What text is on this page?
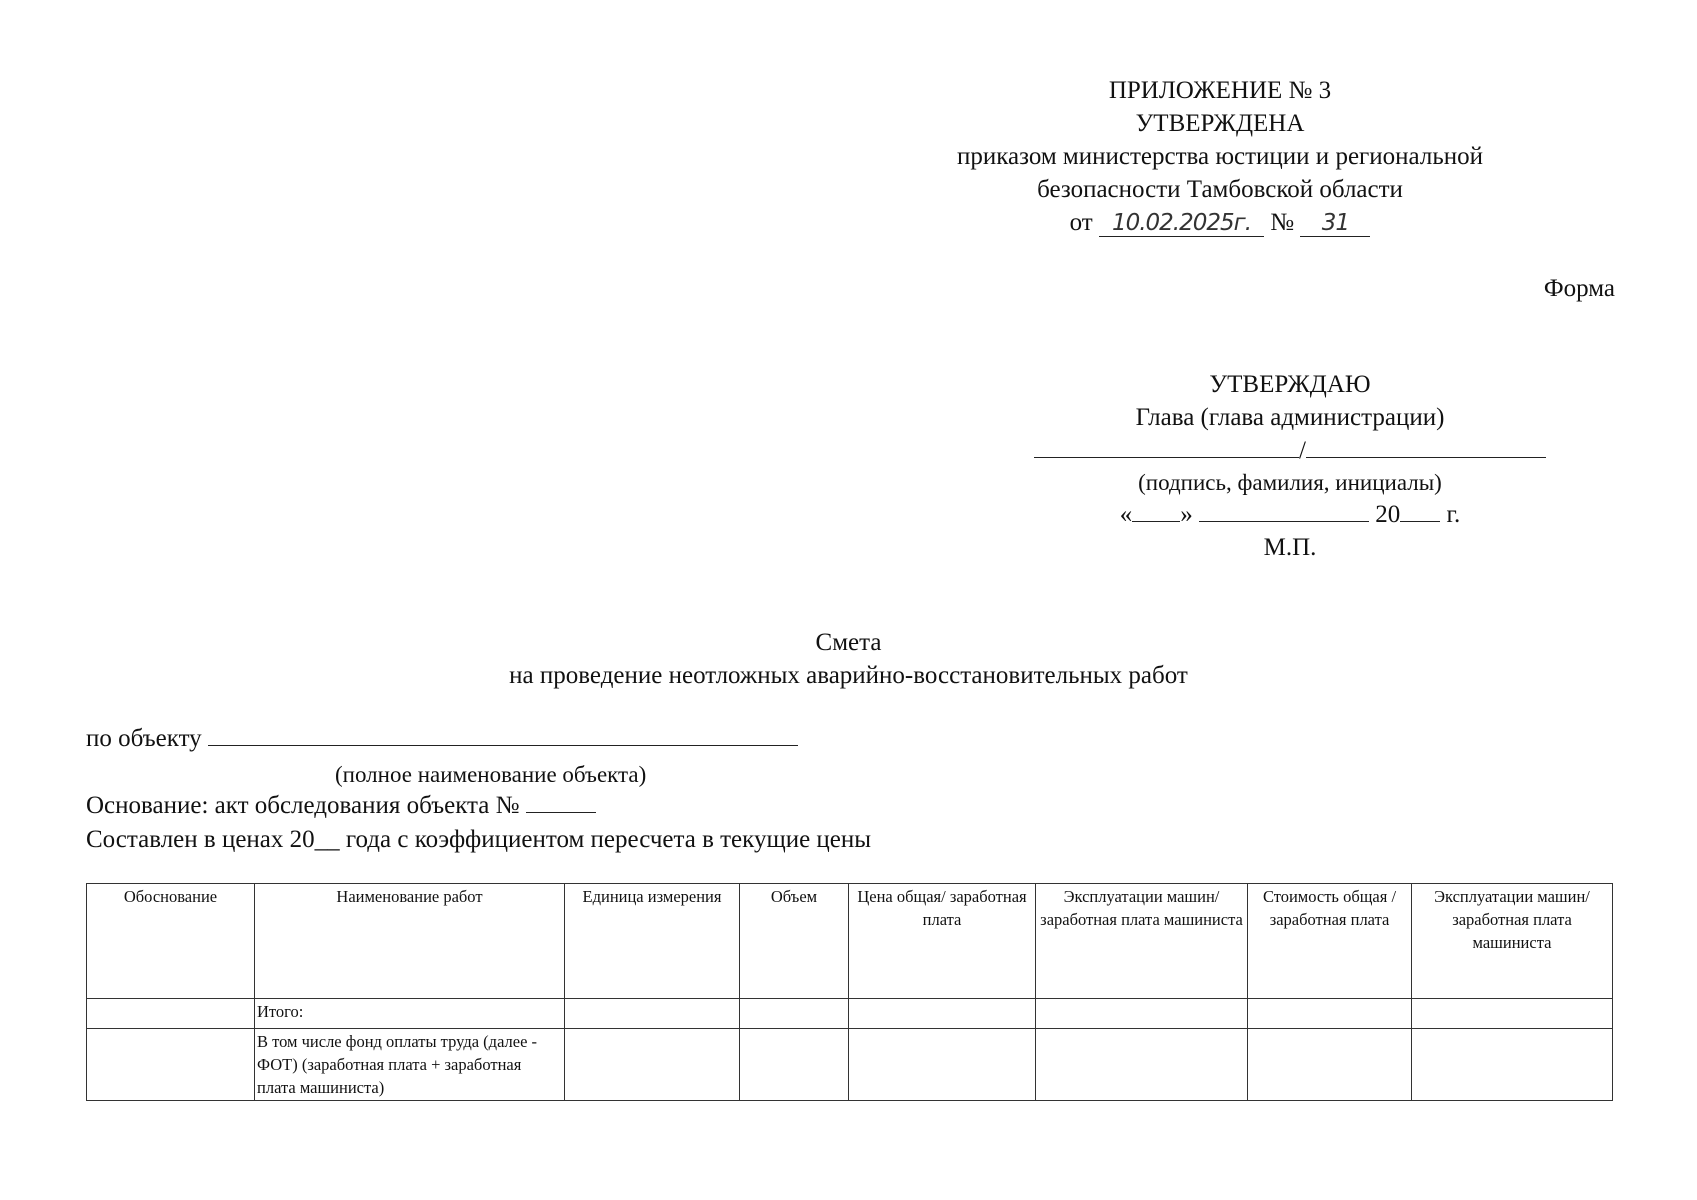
ПРИЛОЖЕНИЕ № 3
УТВЕРЖДЕНА
приказом министерства юстиции и региональной
безопасности Тамбовской области
от 10.02.2025г. № 31
Форма
УТВЕРЖДАЮ
Глава (глава администрации)
/
(подпись, фамилия, инициалы)
« »	20 г.
М.П.
Смета
на проведение неотложных аварийно-восстановительных работ
по объекту
(полное наименование объекта)
Основание: акт обследования объекта №
Составлен в ценах 20__ года с коэффициентом пересчета в текущие цены
Обоснование	Наименование работ	Единица измерения	Объем	Цена общая/ заработная плата	Эксплуатации машин/ заработная плата машиниста	Стоимость общая / заработная плата	Эксплуатации машин/ заработная плата машиниста
	Итого:						
	В том числе фонд оплаты труда (далее - ФОТ) (заработная плата + заработная плата машиниста)						
